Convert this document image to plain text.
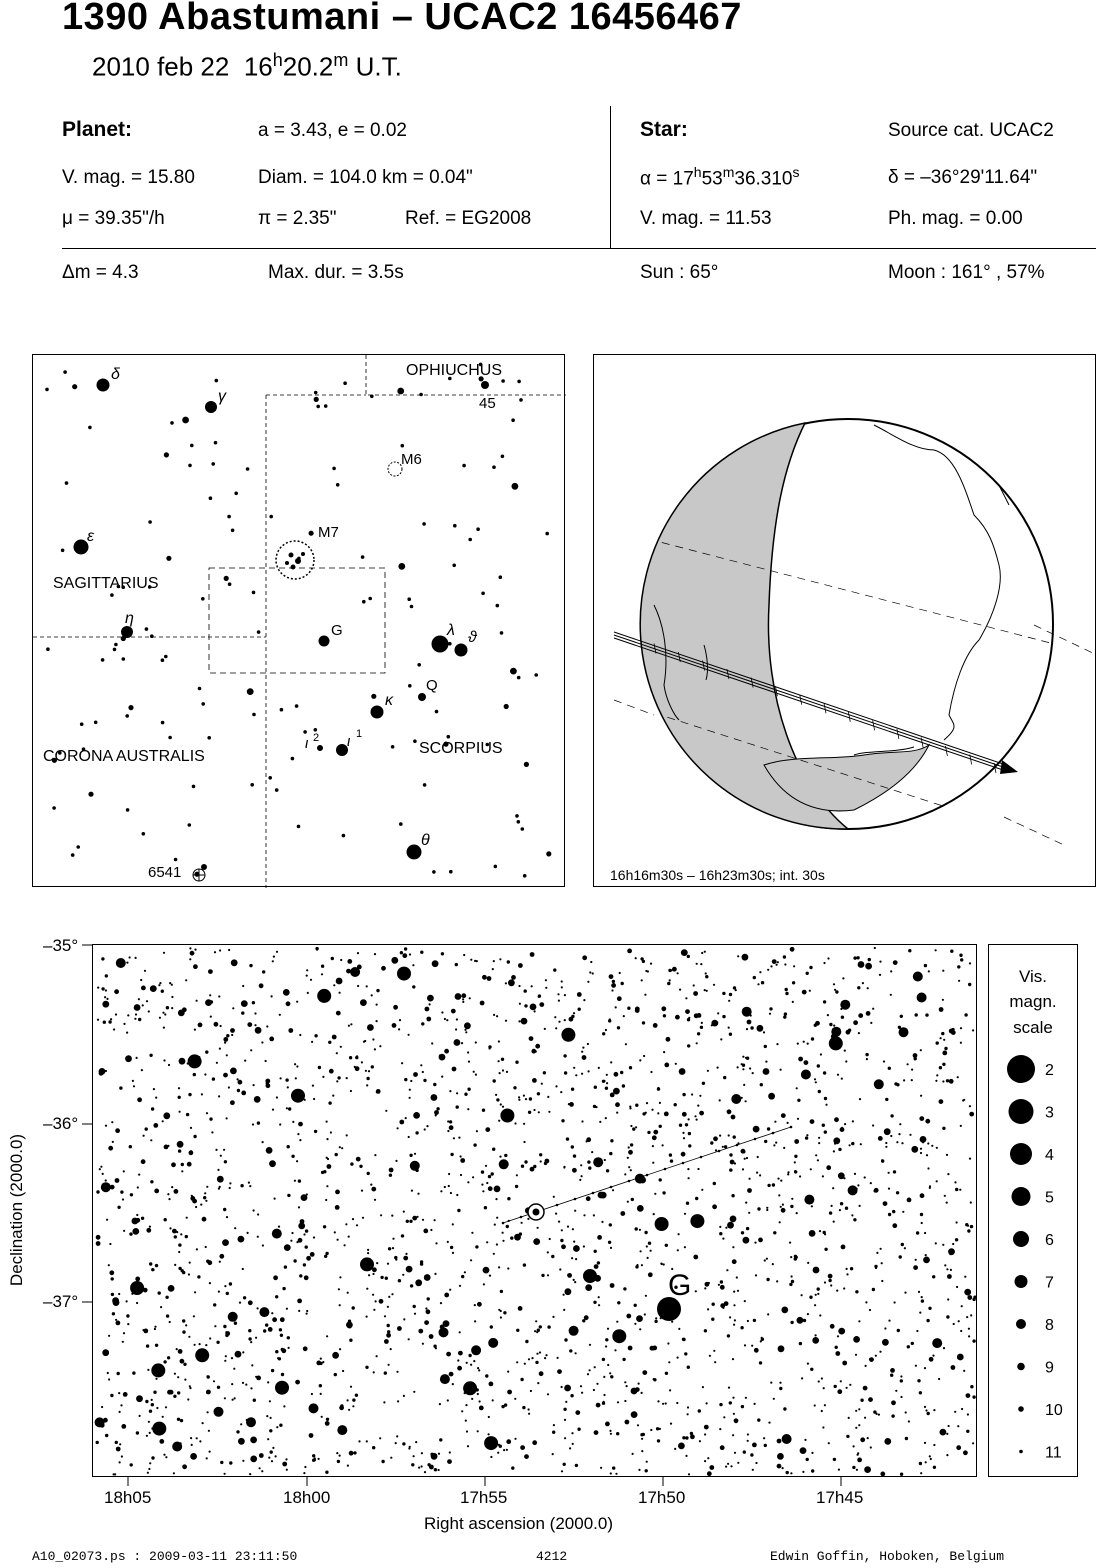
1390 Abastumani – UCAC2 16456467
2010 feb 22 16$^h$20.2$^m$ U.T.
Planet:	a = 3.43, e = 0.02
V. mag. = 15.80	Diam. = 104.0 km = 0.04"
μ = 39.35"/h	π = 2.35"	Ref. = EG2008
Star:	Source cat. UCAC2
$\alpha = 17^h53^m36.310^s$	δ = –36°29'11.64"
V. mag. = 11.53	Ph. mag. = 0.00
Δm = 4.3	Max. dur. = 3.5s	Sun : 65°	Moon : 161° , 57%
OPHIUCHUS
SAGITTARIUS
CORONA AUSTRALIS	SCORPIUS
δ
γ
ε
η
λ ϑ
κ
θ
45
M6
M7
G
Q
6541
ι 2 ι 1
16h16m30s – 16h23m30s; int. 30s
G
–35°
–36°
–37°
Declination (2000.0)
18h05	18h00	17h55	17h50	17h45
Right ascension (2000.0)
Vis.
magn.
scale
2
3
4
5
6
7
8
9
10
11
A10_02073.ps : 2009-03-11 23:11:50	4212	Edwin Goffin, Hoboken, Belgium
